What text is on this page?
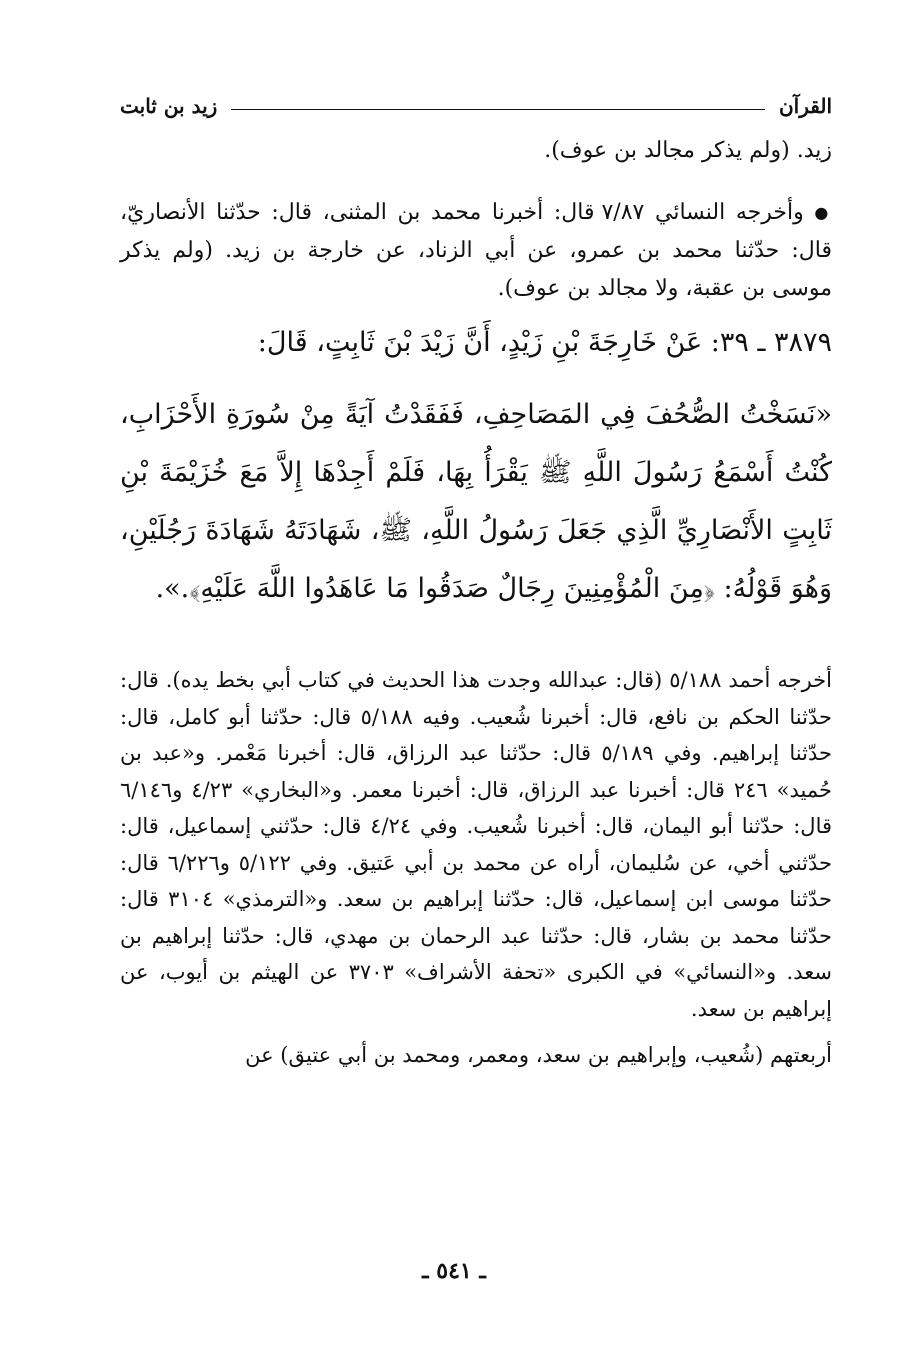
القرآن
زيد بن ثابت

زيد. (ولم يذكر مجالد بن عوف).

● وأخرجه النسائي ٧/٨٧ قال: أخبرنا محمد بن المثنى، قال: حدّثنا الأنصاريّ، قال: حدّثنا محمد بن عمرو، عن أبي الزناد، عن خارجة بن زيد. (ولم يذكر موسى بن عقبة، ولا مجالد بن عوف).

٣٨٧٩ ـ ٣٩: عَنْ خَارِجَةَ بْنِ زَيْدٍ، أَنَّ زَيْدَ بْنَ ثَابِتٍ، قَالَ:

«نَسَخْتُ الصُّحُفَ فِي المَصَاحِفِ، فَفَقَدْتُ آيَةً مِنْ سُورَةِ الأَحْزَابِ، كُنْتُ أَسْمَعُ رَسُولَ اللَّهِ ﷺ يَقْرَأُ بِهَا، فَلَمْ أَجِدْهَا إِلاَّ مَعَ خُزَيْمَةَ بْنِ ثَابِتٍ الأَنْصَارِيِّ الَّذِي جَعَلَ رَسُولُ اللَّهِ، ﷺ، شَهَادَتَهُ شَهَادَةَ رَجُلَيْنِ، وَهُوَ قَوْلُهُ: ﴿مِنَ الْمُؤْمِنِينَ رِجَالٌ صَدَقُوا مَا عَاهَدُوا اللَّهَ عَلَيْهِ﴾.».

أخرجه أحمد ٥/١٨٨ (قال: عبدالله وجدت هذا الحديث في كتاب أبي بخط يده). قال: حدّثنا الحكم بن نافع، قال: أخبرنا شُعيب. وفيه ٥/١٨٨ قال: حدّثنا أبو كامل، قال: حدّثنا إبراهيم. وفي ٥/١٨٩ قال: حدّثنا عبد الرزاق، قال: أخبرنا مَعْمر. و«عبد بن حُميد» ٢٤٦ قال: أخبرنا عبد الرزاق، قال: أخبرنا معمر. و«البخاري» ٤/٢٣ و٦/١٤٦ قال: حدّثنا أبو اليمان، قال: أخبرنا شُعيب. وفي ٤/٢٤ قال: حدّثني إسماعيل، قال: حدّثني أخي، عن سُليمان، أراه عن محمد بن أبي عَتيق. وفي ٥/١٢٢ و٦/٢٢٦ قال: حدّثنا موسى ابن إسماعيل، قال: حدّثنا إبراهيم بن سعد. و«الترمذي» ٣١٠٤ قال: حدّثنا محمد بن بشار، قال: حدّثنا عبد الرحمان بن مهدي، قال: حدّثنا إبراهيم بن سعد. و«النسائي» في الكبرى «تحفة الأشراف» ٣٧٠٣ عن الهيثم بن أيوب، عن إبراهيم بن سعد.

أربعتهم (شُعيب، وإبراهيم بن سعد، ومعمر، ومحمد بن أبي عتيق) عن

ـ ٥٤١ ـ
